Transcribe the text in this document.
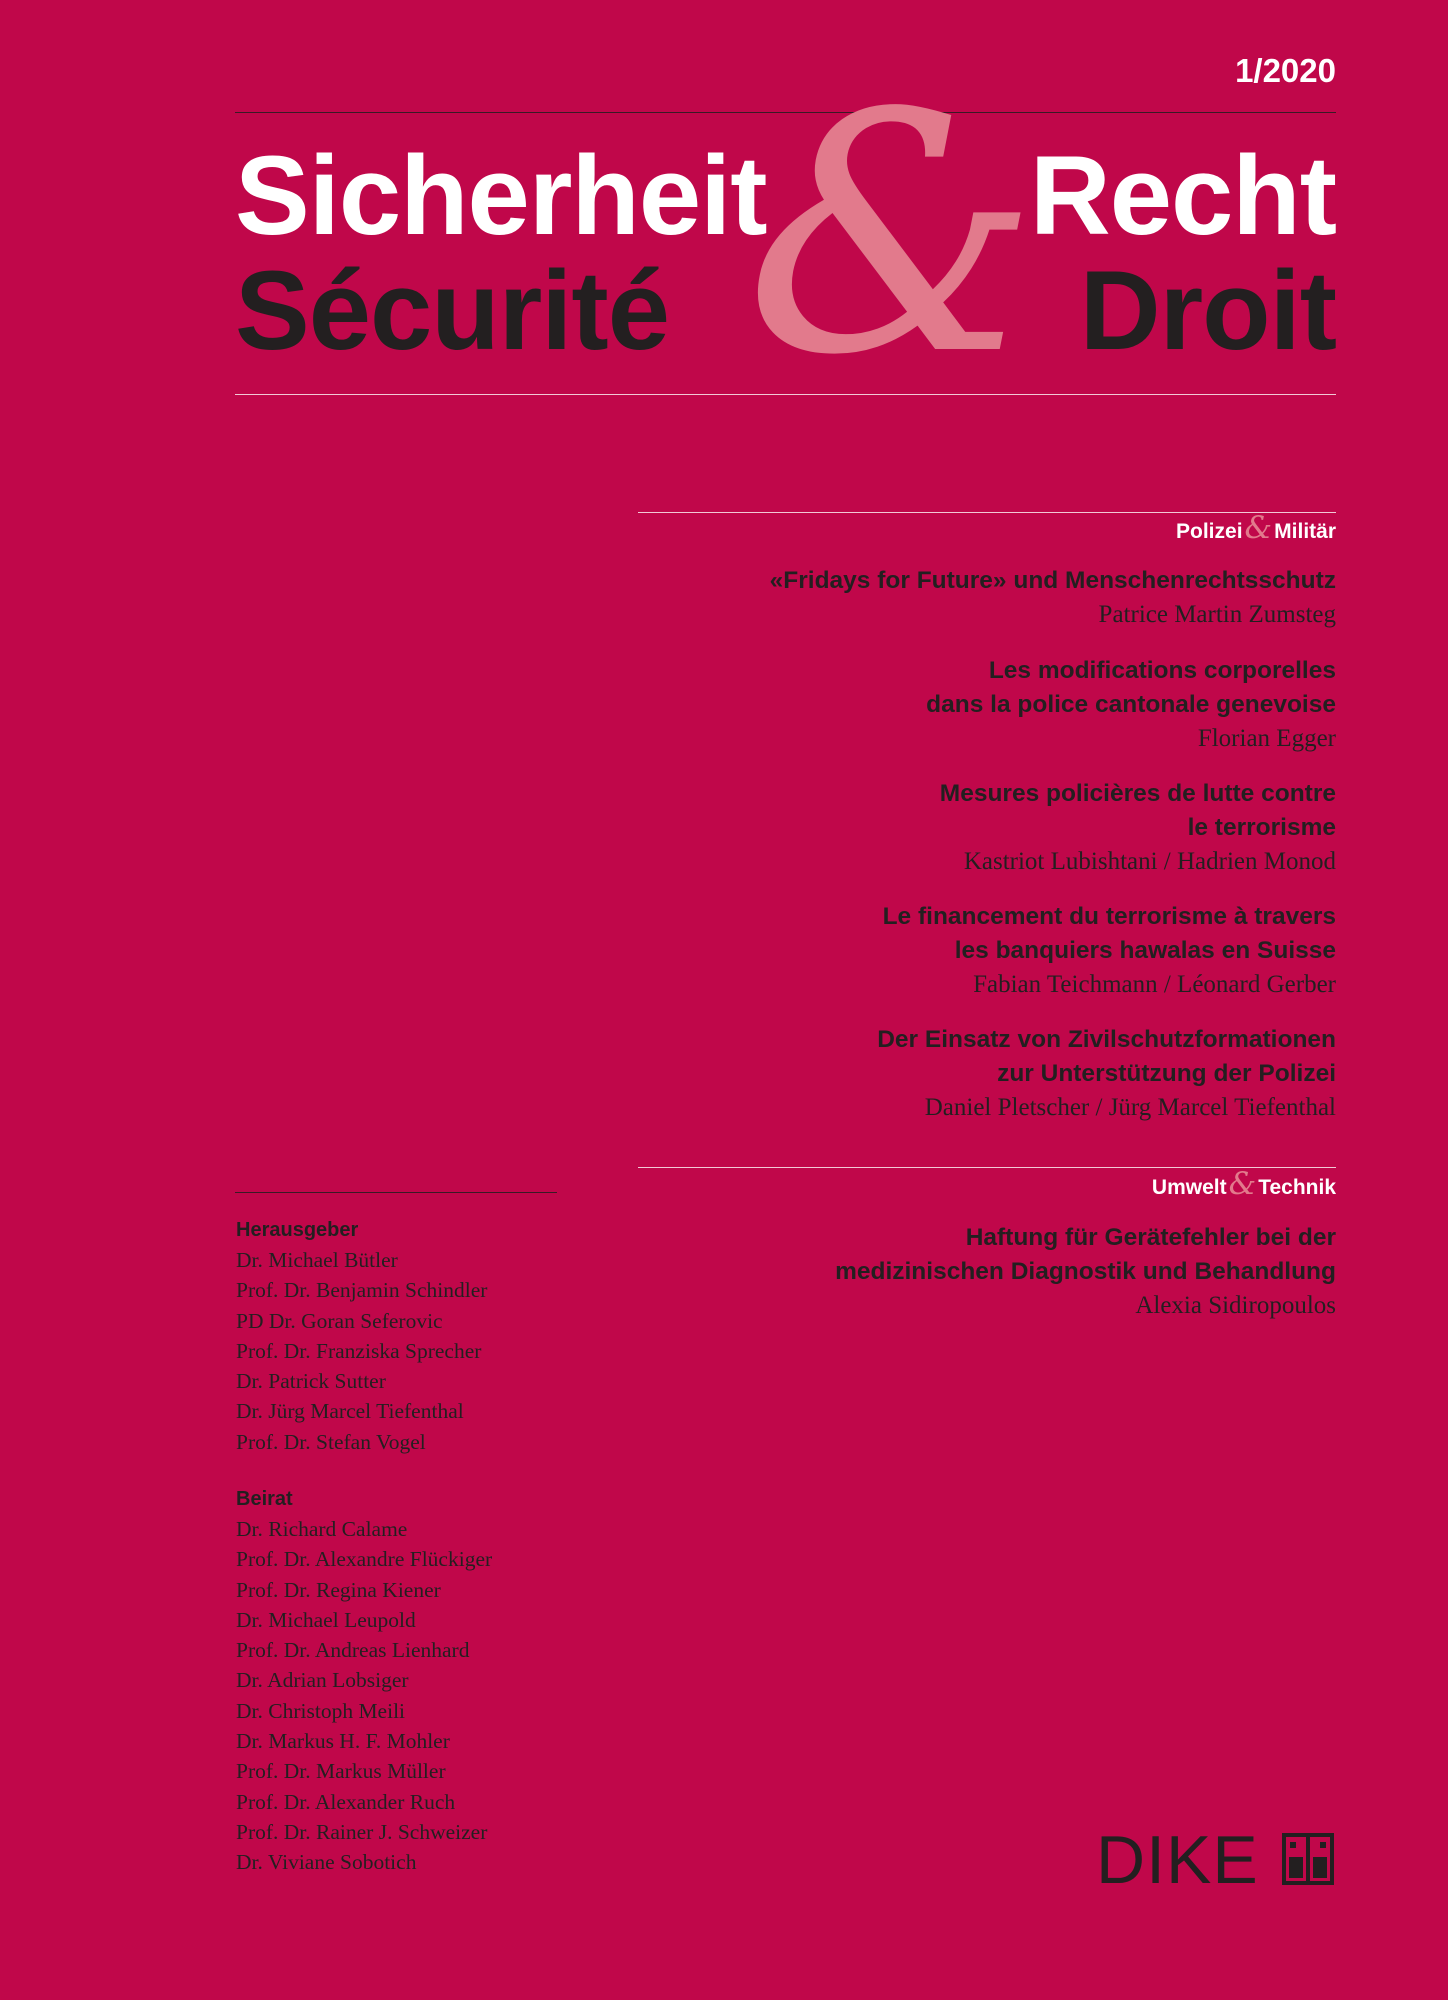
1/2020
&
Sicherheit Recht
Sécurité	Droit
Polizei&Militär
«Fridays for Future» und Menschenrechtsschutz
Patrice Martin Zumsteg
Les modifications corporelles
dans la police cantonale genevoise
Florian Egger
Mesures policières de lutte contre
le terrorisme
Kastriot Lubishtani / Hadrien Monod
Le financement du terrorisme à travers
les banquiers hawalas en Suisse
Fabian Teichmann / Léonard Gerber
Der Einsatz von Zivilschutzformationen
zur Unterstützung der Polizei
Daniel Pletscher / Jürg Marcel Tiefenthal
Umwelt&Technik
Haftung für Gerätefehler bei der
medizinischen Diagnostik und Behandlung
Alexia Sidiropoulos
Herausgeber
Dr. Michael Bütler
Prof. Dr. Benjamin Schindler
PD Dr. Goran Seferovic
Prof. Dr. Franziska Sprecher
Dr. Patrick Sutter
Dr. Jürg Marcel Tiefenthal
Prof. Dr. Stefan Vogel
Beirat
Dr. Richard Calame
Prof. Dr. Alexandre Flückiger
Prof. Dr. Regina Kiener
Dr. Michael Leupold
Prof. Dr. Andreas Lienhard
Dr. Adrian Lobsiger
Dr. Christoph Meili
Dr. Markus H. F. Mohler
Prof. Dr. Markus Müller
Prof. Dr. Alexander Ruch
Prof. Dr. Rainer J. Schweizer
Dr. Viviane Sobotich	DIKE
